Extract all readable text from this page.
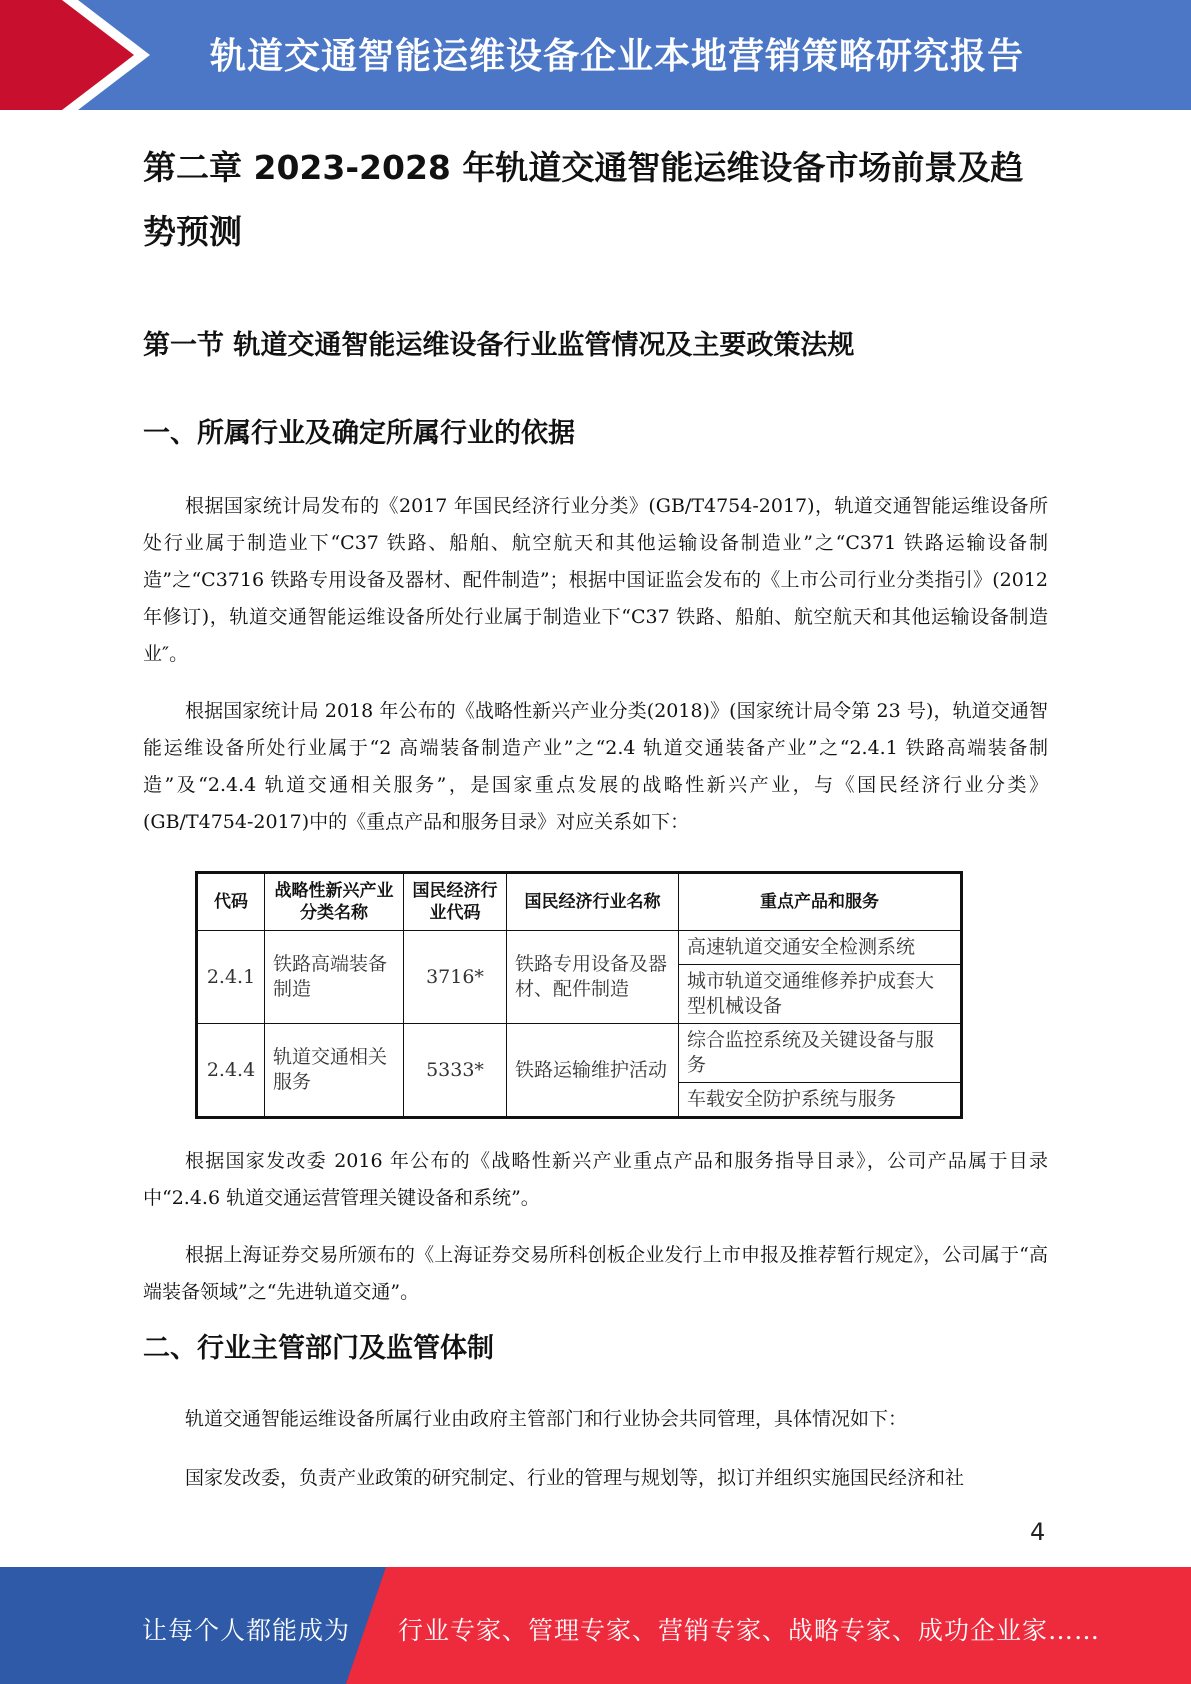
轨道交通智能运维设备企业本地营销策略研究报告
第二章 2023-2028 年轨道交通智能运维设备市场前景及趋势预测
第一节 轨道交通智能运维设备行业监管情况及主要政策法规
一、所属行业及确定所属行业的依据

根据国家统计局发布的《2017 年国民经济行业分类》(GB/T4754-2017)，轨道交通智能运维设备所处行业属于制造业下“C37 铁路、船舶、航空航天和其他运输设备制造业”之“C371 铁路运输设备制造”之“C3716 铁路专用设备及器材、配件制造”；根据中国证监会发布的《上市公司行业分类指引》(2012 年修订)，轨道交通智能运维设备所处行业属于制造业下“C37 铁路、船舶、航空航天和其他运输设备制造业″。

根据国家统计局 2018 年公布的《战略性新兴产业分类(2018)》(国家统计局令第 23 号)，轨道交通智能运维设备所处行业属于“2 高端装备制造产业”之“2.4 轨道交通装备产业”之“2.4.1 铁路高端装备制造”及“2.4.4 轨道交通相关服务”，是国家重点发展的战略性新兴产业，与《国民经济行业分类》(GB/T4754-2017)中的《重点产品和服务目录》对应关系如下：

代码	战略性新兴产业分类名称	国民经济行业代码	国民经济行业名称	重点产品和服务
2.4.1	铁路高端装备制造	3716*	铁路专用设备及器材、配件制造	高速轨道交通安全检测系统
				城市轨道交通维修养护成套大型机械设备
2.4.4	轨道交通相关服务	5333*	铁路运输维护活动	综合监控系统及关键设备与服务
				车载安全防护系统与服务

根据国家发改委 2016 年公布的《战略性新兴产业重点产品和服务指导目录》，公司产品属于目录中“2.4.6 轨道交通运营管理关键设备和系统”。

根据上海证券交易所颁布的《上海证券交易所科创板企业发行上市申报及推荐暂行规定》，公司属于“高端装备领域”之“先进轨道交通”。

二、行业主管部门及监管体制

轨道交通智能运维设备所属行业由政府主管部门和行业协会共同管理，具体情况如下：

国家发改委，负责产业政策的研究制定、行业的管理与规划等，拟订并组织实施国民经济和社

4
让每个人都能成为 行业专家、管理专家、营销专家、战略专家、成功企业家……
